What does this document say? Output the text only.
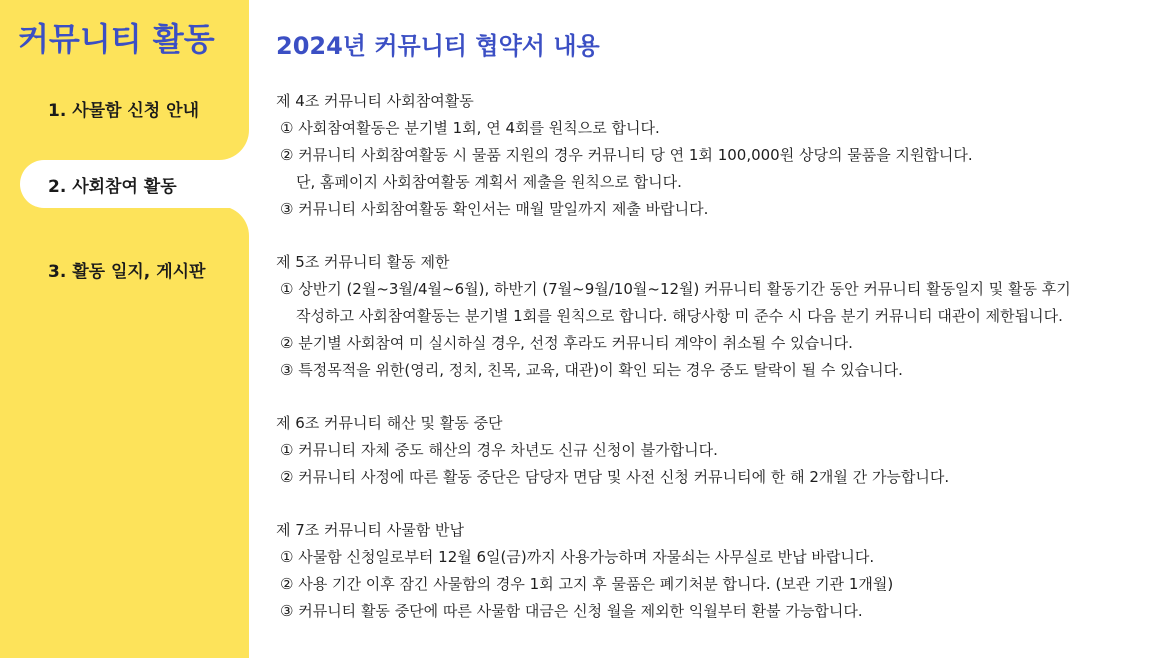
커뮤니티 활동
1. 사물함 신청 안내
2. 사회참여 활동
3. 활동 일지, 게시판
2024년 커뮤니티 협약서 내용
제 4조 커뮤니티 사회참여활동
① 사회참여활동은 분기별 1회, 연 4회를 원칙으로 합니다.
② 커뮤니티 사회참여활동 시 물품 지원의 경우 커뮤니티 당 연 1회 100,000원 상당의 물품을 지원합니다.
단, 홈페이지 사회참여활동 계획서 제출을 원칙으로 합니다.
③ 커뮤니티 사회참여활동 확인서는 매월 말일까지 제출 바랍니다.
제 5조 커뮤니티 활동 제한
① 상반기 (2월~3월/4월~6월), 하반기 (7월~9월/10월~12월) 커뮤니티 활동기간 동안 커뮤니티 활동일지 및 활동 후기
작성하고 사회참여활동는 분기별 1회를 원칙으로 합니다. 해당사항 미 준수 시 다음 분기 커뮤니티 대관이 제한됩니다.
② 분기별 사회참여 미 실시하실 경우, 선정 후라도 커뮤니티 계약이 취소될 수 있습니다.
③ 특정목적을 위한(영리, 정치, 친목, 교육, 대관)이 확인 되는 경우 중도 탈락이 될 수 있습니다.
제 6조 커뮤니티 해산 및 활동 중단
① 커뮤니티 자체 중도 해산의 경우 차년도 신규 신청이 불가합니다.
② 커뮤니티 사정에 따른 활동 중단은 담당자 면담 및 사전 신청 커뮤니티에 한 해 2개월 간 가능합니다.
제 7조 커뮤니티 사물함 반납
① 사물함 신청일로부터 12월 6일(금)까지 사용가능하며 자물쇠는 사무실로 반납 바랍니다.
② 사용 기간 이후 잠긴 사물함의 경우 1회 고지 후 물품은 폐기처분 합니다. (보관 기관 1개월)
③ 커뮤니티 활동 중단에 따른 사물함 대금은 신청 월을 제외한 익월부터 환불 가능합니다.
